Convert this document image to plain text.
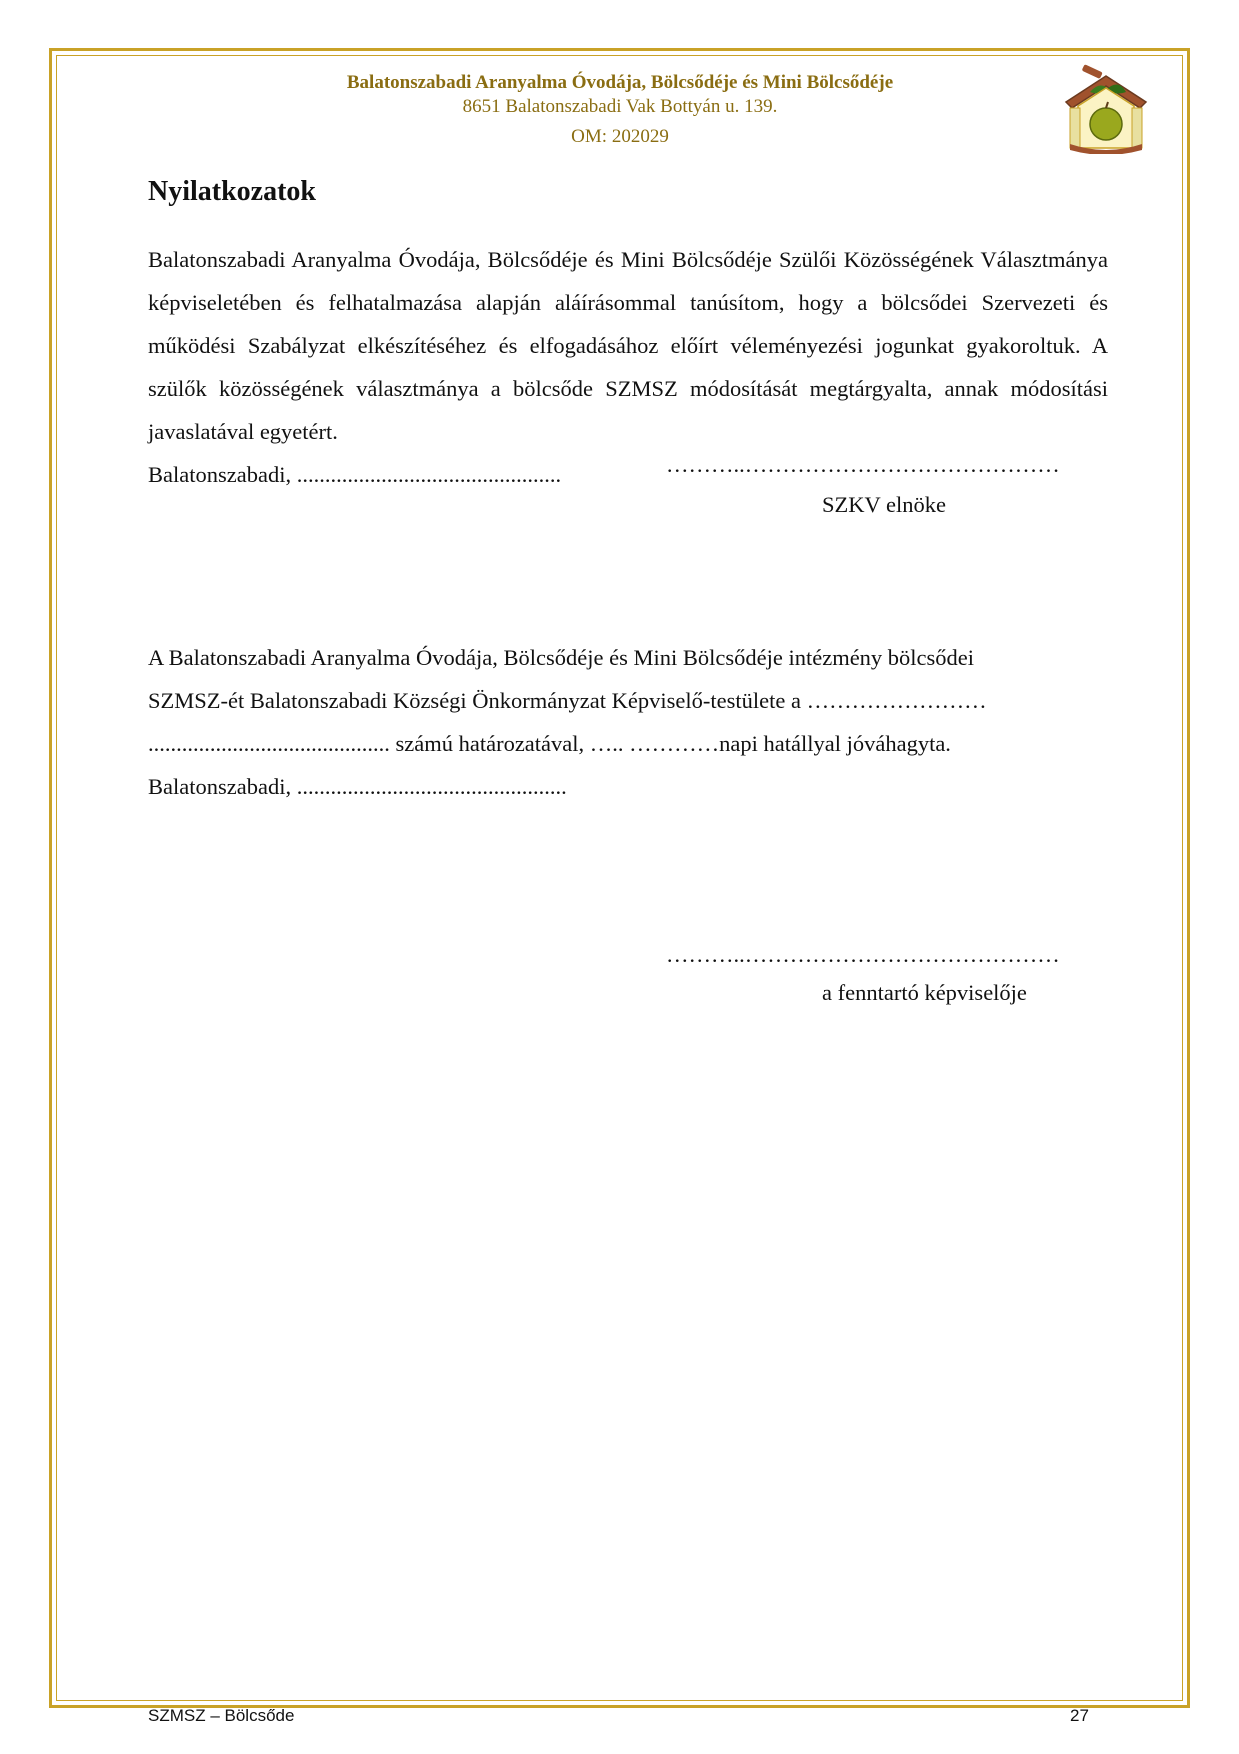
Balatonszabadi Aranyalma Óvodája, Bölcsődéje és Mini Bölcsődéje
8651 Balatonszabadi Vak Bottyán u. 139.
OM: 202029
Nyilatkozatok

Balatonszabadi Aranyalma Óvodája, Bölcsődéje és Mini Bölcsődéje Szülői Közösségének Választmánya képviseletében és felhatalmazása alapján aláírásommal tanúsítom, hogy a bölcsődei Szervezeti és működési Szabályzat elkészítéséhez és elfogadásához előírt véleményezési jogunkat gyakoroltuk. A szülők közösségének választmánya a bölcsőde SZMSZ módosítását megtárgyalta, annak módosítási javaslatával egyetért.

Balatonszabadi, ...............................................	………..……………………………………
SZKV elnöke

A Balatonszabadi Aranyalma Óvodája, Bölcsődéje és Mini Bölcsődéje intézmény bölcsődei

SZMSZ-ét Balatonszabadi Községi Önkormányzat Képviselő-testülete a ……………………

........................................... számú határozatával, ….. …………napi hatállyal jóváhagyta.

Balatonszabadi, ................................................

………..……………………………………
a fenntartó képviselője
SZMSZ – Bölcsőde	27
